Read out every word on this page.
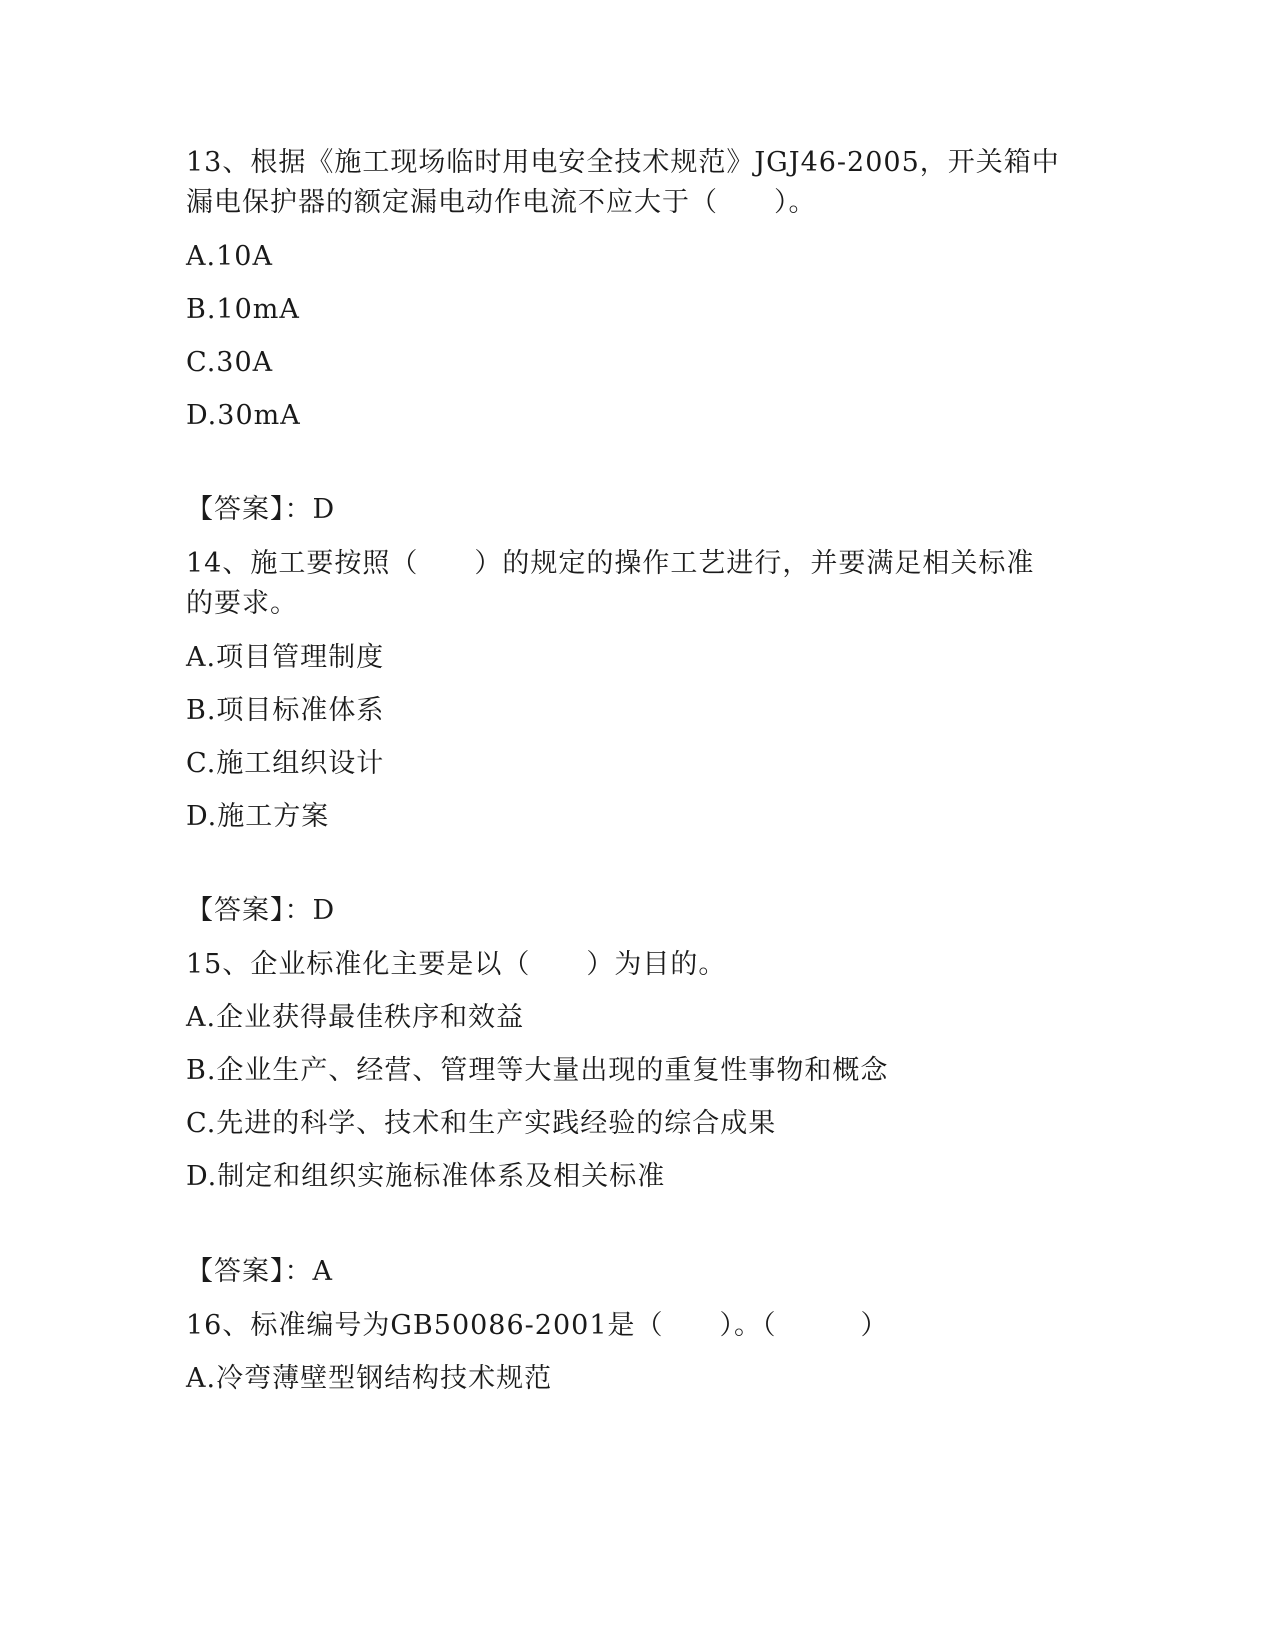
13、根据《施工现场临时用电安全技术规范》JGJ46-2005，开关箱中
漏电保护器的额定漏电动作电流不应大于（　　）。
A.10A
B.10mA
C.30A
D.30mA
【答案】：D
14、施工要按照（　　）的规定的操作工艺进行，并要满足相关标准
的要求。
A.项目管理制度
B.项目标准体系
C.施工组织设计
D.施工方案
【答案】：D
15、企业标准化主要是以（　　）为目的。
A.企业获得最佳秩序和效益
B.企业生产、经营、管理等大量出现的重复性事物和概念
C.先进的科学、技术和生产实践经验的综合成果
D.制定和组织实施标准体系及相关标准
【答案】：A
16、标准编号为GB50086-2001是（　　）。（　　　）
A.冷弯薄壁型钢结构技术规范
